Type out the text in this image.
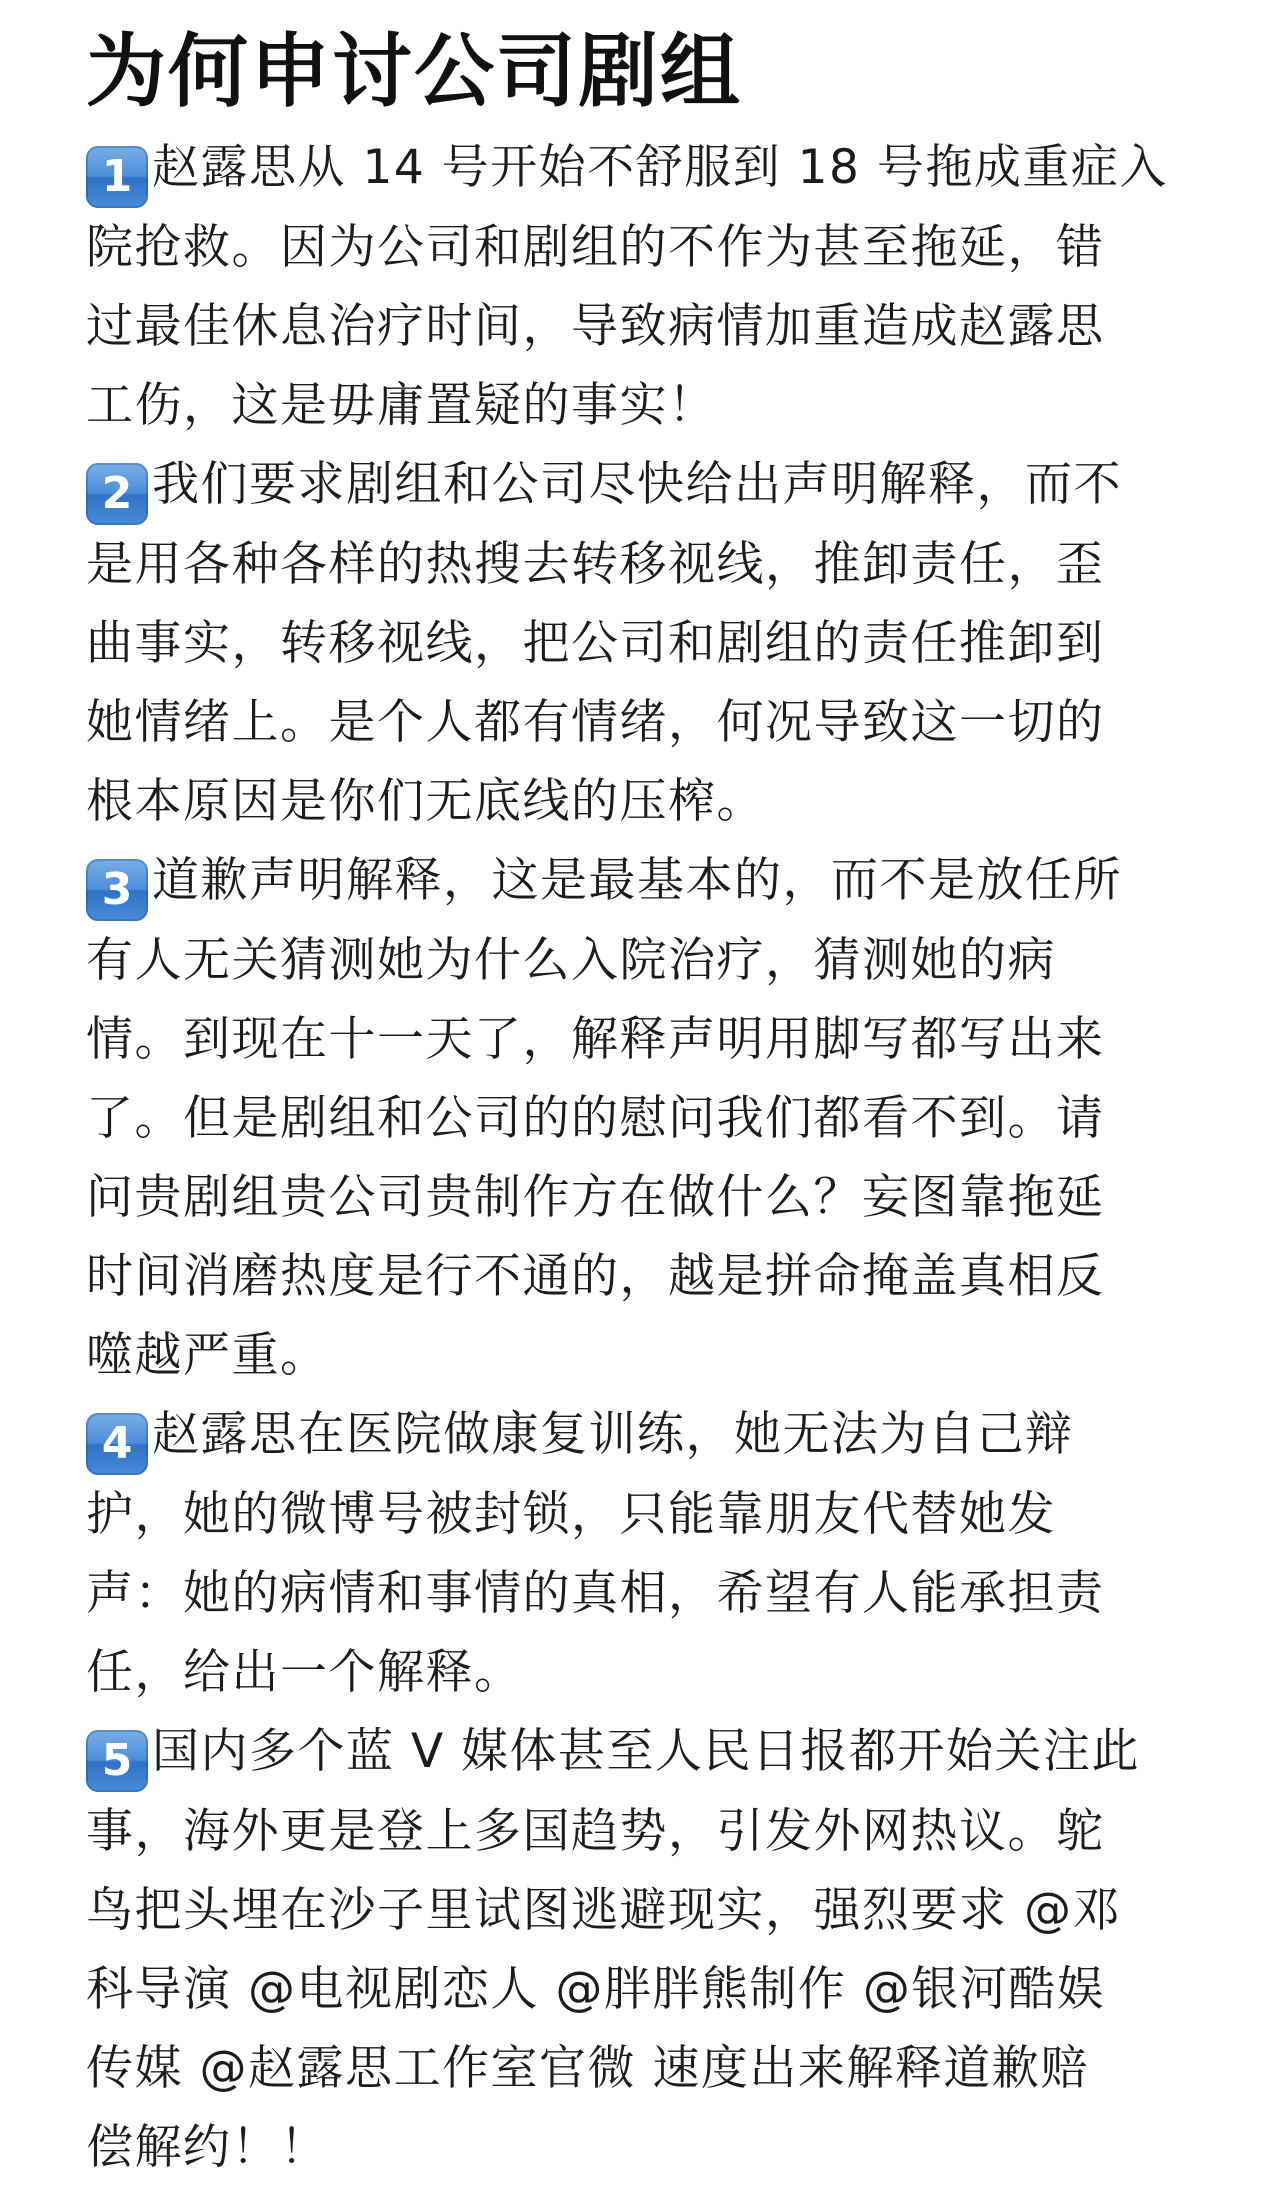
为何申讨公司剧组
1 赵露思从 14 号开始不舒服到 18 号拖成重症入
院抢救。因为公司和剧组的不作为甚至拖延，错
过最佳休息治疗时间，导致病情加重造成赵露思
工伤，这是毋庸置疑的事实！
2 我们要求剧组和公司尽快给出声明解释，而不
是用各种各样的热搜去转移视线，推卸责任，歪
曲事实，转移视线，把公司和剧组的责任推卸到
她情绪上。是个人都有情绪，何况导致这一切的
根本原因是你们无底线的压榨。
3 道歉声明解释，这是最基本的，而不是放任所
有人无关猜测她为什么入院治疗，猜测她的病
情。到现在十一天了，解释声明用脚写都写出来
了。但是剧组和公司的的慰问我们都看不到。请
问贵剧组贵公司贵制作方在做什么？妄图靠拖延
时间消磨热度是行不通的，越是拼命掩盖真相反
噬越严重。
4 赵露思在医院做康复训练，她无法为自己辩
护，她的微博号被封锁，只能靠朋友代替她发
声：她的病情和事情的真相，希望有人能承担责
任，给出一个解释。
5 国内多个蓝 V 媒体甚至人民日报都开始关注此
事，海外更是登上多国趋势，引发外网热议。鸵
鸟把头埋在沙子里试图逃避现实，强烈要求 @邓
科导演 @电视剧恋人 @胖胖熊制作 @银河酷娱
传媒 @赵露思工作室官微 速度出来解释道歉赔
偿解约！！
